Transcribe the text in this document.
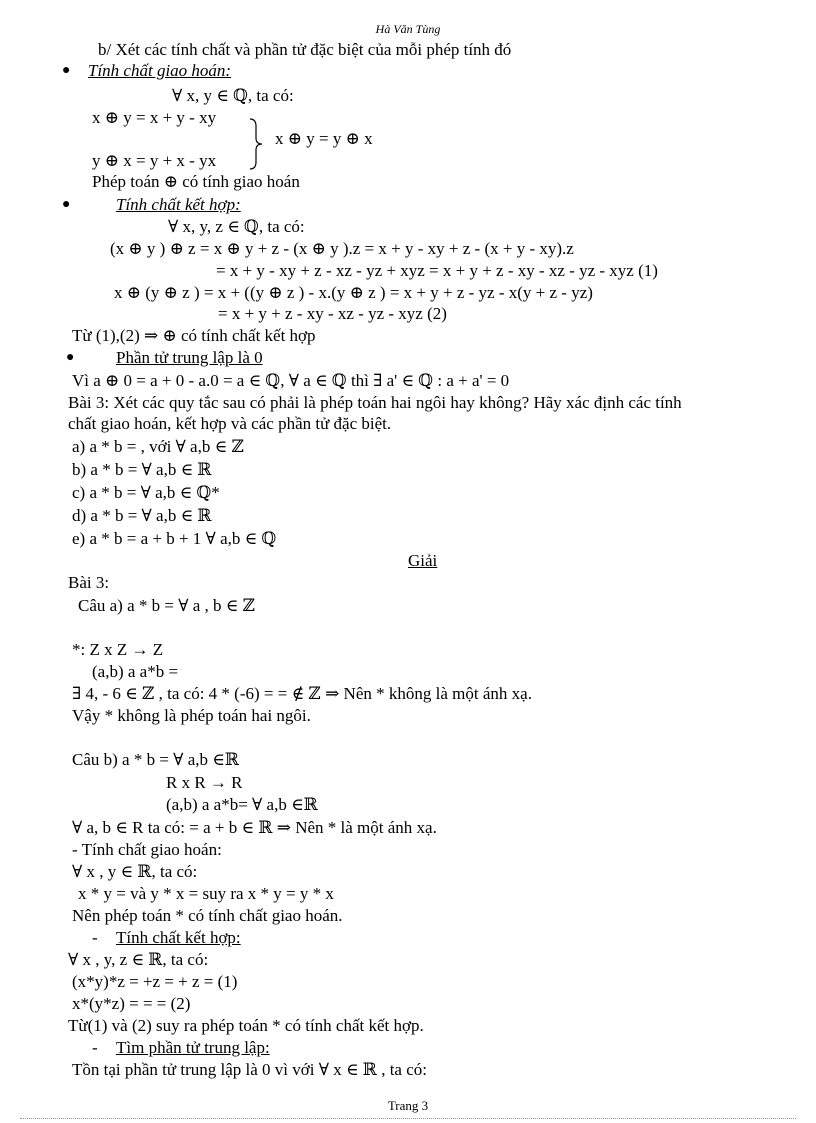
Hà Văn Tùng
b/ Xét các tính chất và phần tử đặc biệt của mỗi phép tính đó
● Tính chất giao hoán:
∀ x, y ∈ ℚ, ta có:
x ⊕ y = x + y - xy
x ⊕ y = y ⊕ x
y ⊕ x = y + x - yx
Phép toán ⊕ có tính giao hoán
●	Tính chất kết hợp:
∀ x, y, z ∈ ℚ, ta có:
(x ⊕ y ) ⊕ z = x ⊕ y + z - (x ⊕ y ).z = x + y - xy + z - (x + y - xy).z
= x + y - xy + z - xz - yz + xyz = x + y + z - xy - xz - yz - xyz (1)
x ⊕ (y ⊕ z ) = x + ((y ⊕ z ) - x.(y ⊕ z ) = x + y + z - yz - x(y + z - yz)
= x + y + z - xy - xz - yz - xyz (2)
Từ (1),(2) ⇒ ⊕ có tính chất kết hợp
● Phần tử trung lập là 0
Vì a ⊕ 0 = a + 0 - a.0 = a ∈ ℚ, ∀ a ∈ ℚ thì ∃ a' ∈ ℚ : a + a' = 0
Bài 3: Xét các quy tắc sau có phải là phép toán hai ngôi hay không? Hãy xác định các tính
chất giao hoán, kết hợp và các phần tử đặc biệt.
a) a * b = , với ∀ a,b ∈ ℤ
b) a * b = ∀ a,b ∈ ℝ
c) a * b = ∀ a,b ∈ ℚ*
d) a * b = ∀ a,b ∈ ℝ
e) a * b = a + b + 1 ∀ a,b ∈ ℚ
Giải
Bài 3:
Câu a) a * b = ∀ a , b ∈ ℤ
*: Z x Z → Z
(a,b) a a*b =
∃ 4, - 6 ∈ ℤ , ta có: 4 * (-6) = = ∉ ℤ ⇒ Nên * không là một ánh xạ.
Vậy * không là phép toán hai ngôi.
Câu b) a * b = ∀ a,b ∈ℝ
R x R → R
(a,b) a a*b= ∀ a,b ∈ℝ
∀ a, b ∈ R ta có: = a + b ∈ ℝ ⇒ Nên * là một ánh xạ.
- Tính chất giao hoán:
∀ x , y ∈ ℝ, ta có:
x * y = và y * x = suy ra x * y = y * x
Nên phép toán * có tính chất giao hoán.
- Tính chất kết hợp:
∀ x , y, z ∈ ℝ, ta có:
(x*y)*z = +z = + z = (1)
x*(y*z) = = = (2)
Từ(1) và (2) suy ra phép toán * có tính chất kết hợp.
- Tìm phần tử trung lập:
Tồn tại phần tử trung lập là 0 vì với ∀ x ∈ ℝ , ta có:
Trang 3
